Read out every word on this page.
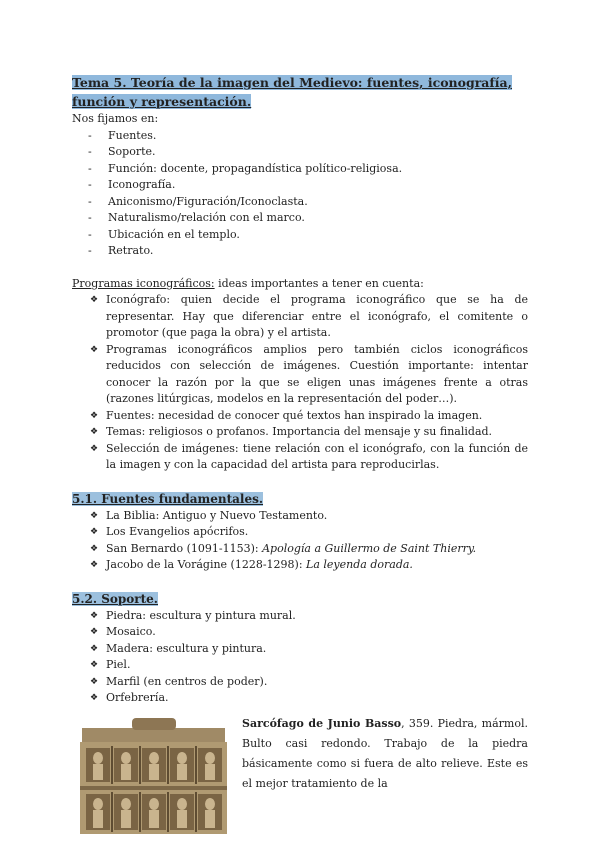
Tema 5. Teoría de la imagen del Medievo: fuentes, iconografía, función y representación.

Nos fijamos en:

- Fuentes.
- Soporte.
- Función: docente, propagandística político-religiosa.
- Iconografía.
- Aniconismo/Figuración/Iconoclasta.
- Naturalismo/relación con el marco.
- Ubicación en el templo.
- Retrato.

Programas iconográficos: ideas importantes a tener en cuenta:

❖ Iconógrafo: quien decide el programa iconográfico que se ha de representar. Hay que diferenciar entre el iconógrafo, el comitente o promotor (que paga la obra) y el artista.
❖ Programas iconográficos amplios pero también ciclos iconográficos reducidos con selección de imágenes. Cuestión importante: intentar conocer la razón por la que se eligen unas imágenes frente a otras (razones litúrgicas, modelos en la representación del poder…).
❖ Fuentes: necesidad de conocer qué textos han inspirado la imagen.
❖ Temas: religiosos o profanos. Importancia del mensaje y su finalidad.
❖ Selección de imágenes: tiene relación con el iconógrafo, con la función de la imagen y con la capacidad del artista para reproducirlas.

5.1. Fuentes fundamentales.

❖ La Biblia: Antiguo y Nuevo Testamento.
❖ Los Evangelios apócrifos.
❖ San Bernardo (1091-1153): Apología a Guillermo de Saint Thierry.
❖ Jacobo de la Vorágine (1228-1298): La leyenda dorada.

5.2. Soporte.

❖ Piedra: escultura y pintura mural.
❖ Mosaico.
❖ Madera: escultura y pintura.
❖ Piel.
❖ Marfil (en centros de poder).
❖ Orfebrería.

Sarcófago de Junio Basso, 359. Piedra, mármol. Bulto casi redondo. Trabajo de la piedra básicamente como si fuera de alto relieve. Este es el mejor tratamiento de la
